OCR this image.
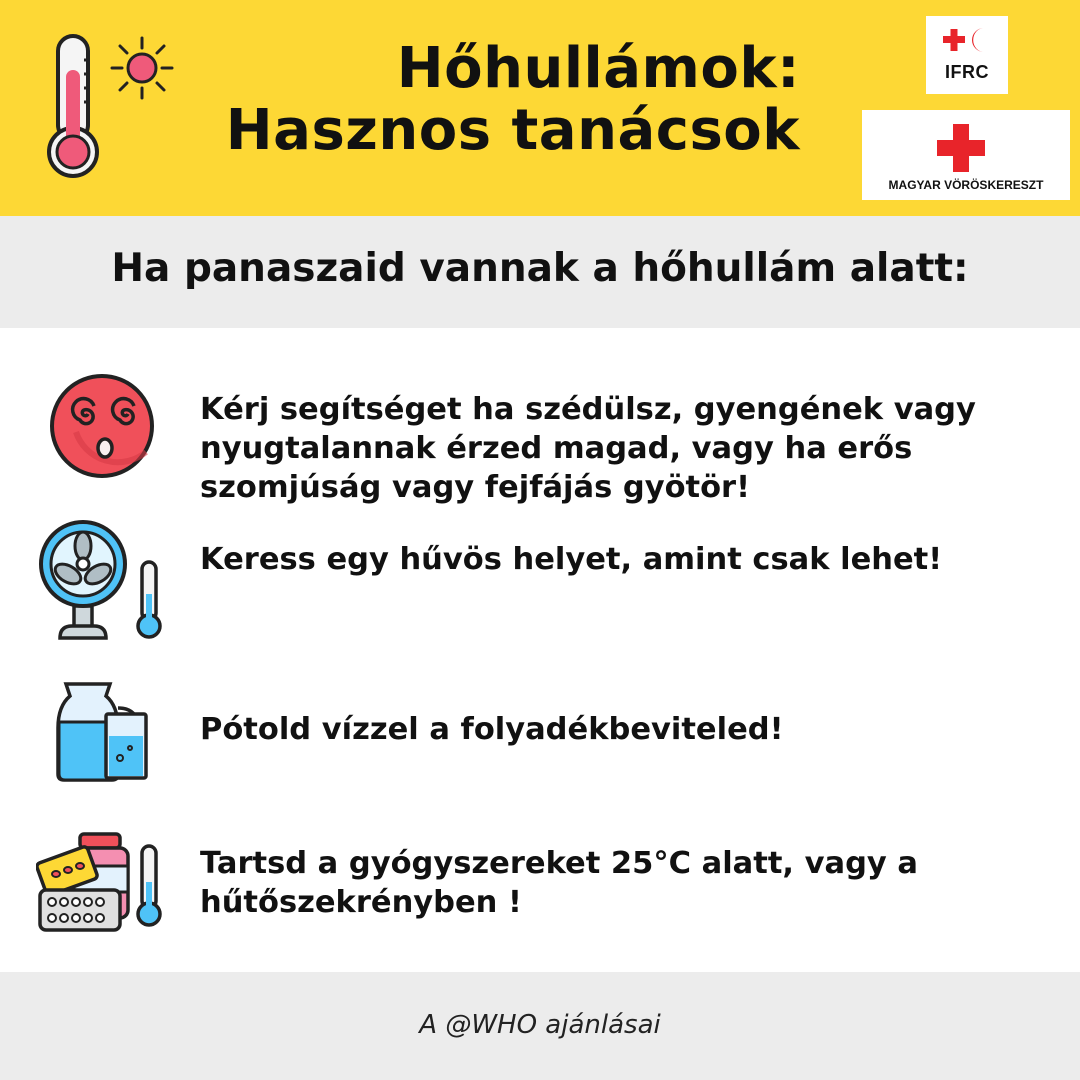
Hőhullámok:
Hasznos tanácsok
IFRC
MAGYAR VÖRÖSKERESZT
Ha panaszaid vannak a hőhullám alatt:
Kérj segítséget ha szédülsz, gyengének vagy nyugtalannak érzed magad, vagy ha erős szomjúság vagy fejfájás gyötör!
Keress egy hűvös helyet, amint csak lehet!
Pótold vízzel a folyadékbeviteled!
Tartsd a gyógyszereket 25°C alatt, vagy a hűtőszekrényben !
A @WHO ajánlásai
